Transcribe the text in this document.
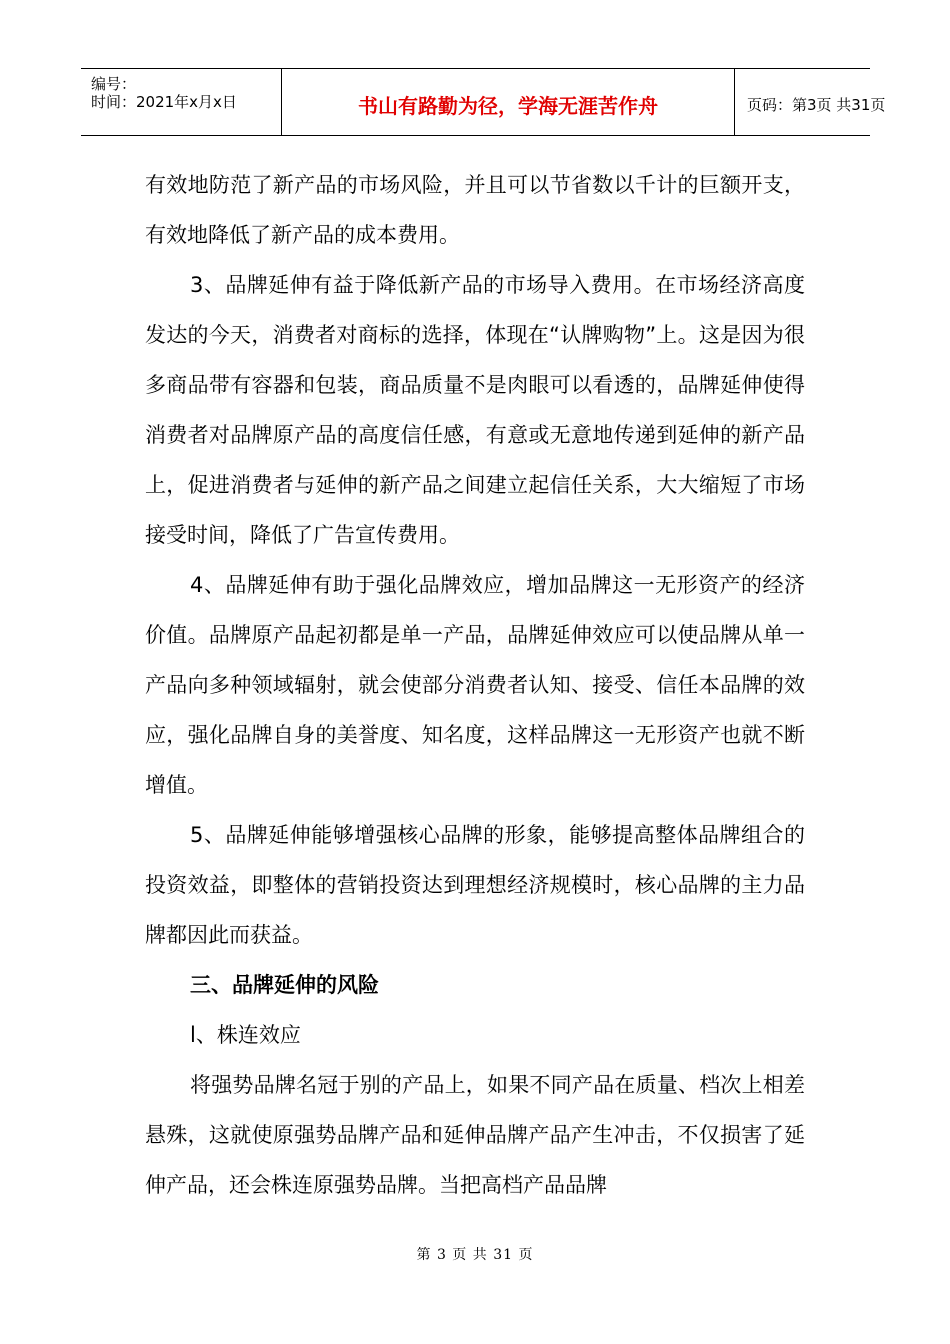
编号：
时间：2021年x月x日	书山有路勤为径，学海无涯苦作舟	页码：第3页 共31页

有效地防范了新产品的市场风险，并且可以节省数以千计的巨额开支，有效地降低了新产品的成本费用。

3、品牌延伸有益于降低新产品的市场导入费用。在市场经济高度发达的今天，消费者对商标的选择，体现在“认牌购物”上。这是因为很多商品带有容器和包装，商品质量不是肉眼可以看透的，品牌延伸使得消费者对品牌原产品的高度信任感，有意或无意地传递到延伸的新产品上，促进消费者与延伸的新产品之间建立起信任关系，大大缩短了市场接受时间，降低了广告宣传费用。

4、品牌延伸有助于强化品牌效应，增加品牌这一无形资产的经济价值。品牌原产品起初都是单一产品，品牌延伸效应可以使品牌从单一产品向多种领域辐射，就会使部分消费者认知、接受、信任本品牌的效应，强化品牌自身的美誉度、知名度，这样品牌这一无形资产也就不断增值。

5、品牌延伸能够增强核心品牌的形象，能够提高整体品牌组合的投资效益，即整体的营销投资达到理想经济规模时，核心品牌的主力品牌都因此而获益。

三、品牌延伸的风险

l、株连效应

将强势品牌名冠于别的产品上，如果不同产品在质量、档次上相差悬殊，这就使原强势品牌产品和延伸品牌产品产生冲击，不仅损害了延伸产品，还会株连原强势品牌。当把高档产品品牌

第 3 页 共 31 页
